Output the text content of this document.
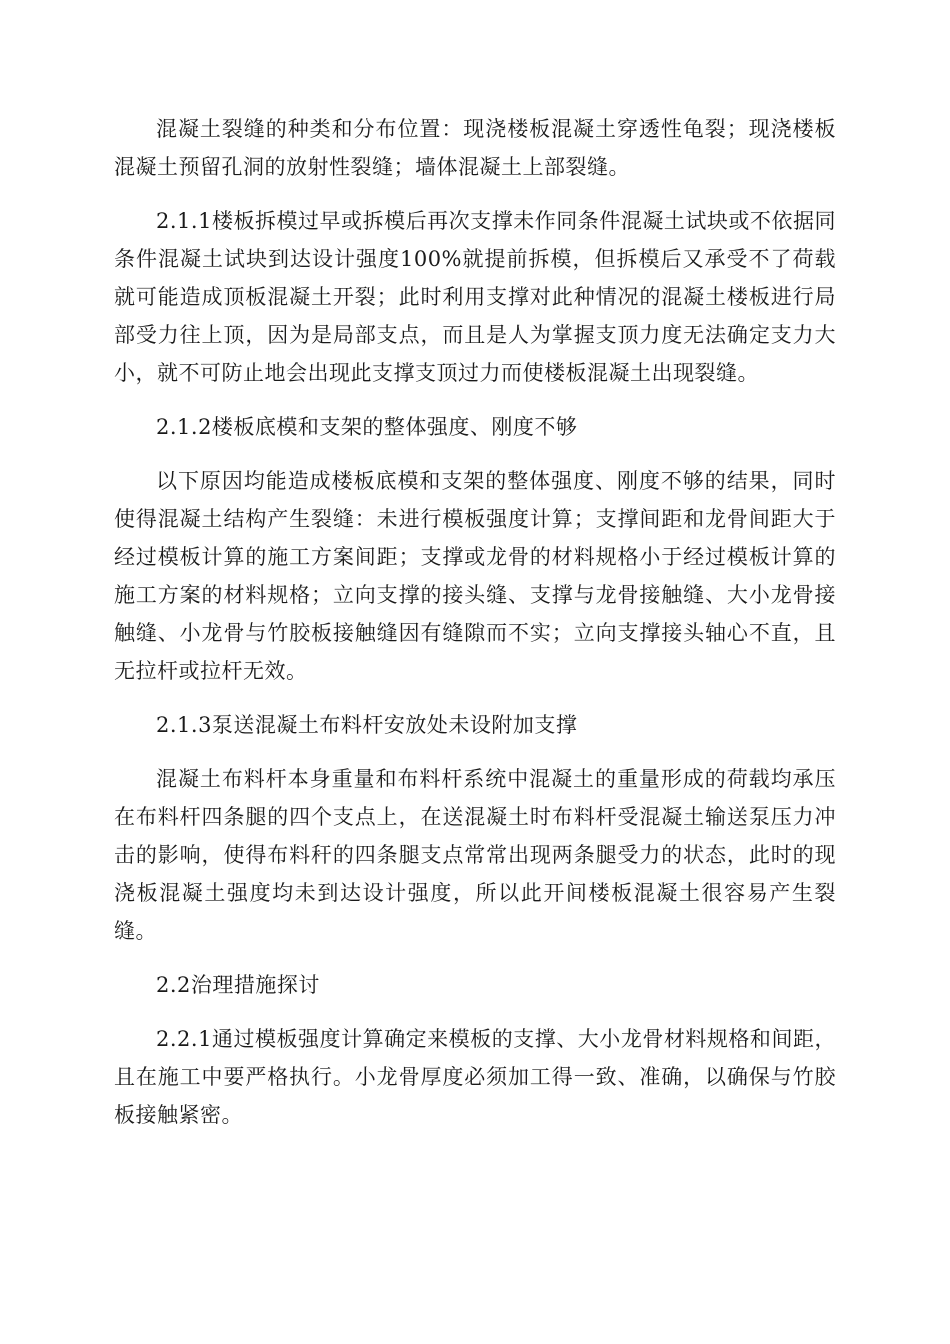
混凝土裂缝的种类和分布位置：现浇楼板混凝土穿透性龟裂；现浇楼板混凝土预留孔洞的放射性裂缝；墙体混凝土上部裂缝。

2.1.1楼板拆模过早或拆模后再次支撑未作同条件混凝土试块或不依据同条件混凝土试块到达设计强度100%就提前拆模，但拆模后又承受不了荷载就可能造成顶板混凝土开裂；此时利用支撑对此种情况的混凝土楼板进行局部受力往上顶，因为是局部支点，而且是人为掌握支顶力度无法确定支力大小，就不可防止地会出现此支撑支顶过力而使楼板混凝土出现裂缝。

2.1.2楼板底模和支架的整体强度、刚度不够

以下原因均能造成楼板底模和支架的整体强度、刚度不够的结果，同时使得混凝土结构产生裂缝：未进行模板强度计算；支撑间距和龙骨间距大于经过模板计算的施工方案间距；支撑或龙骨的材料规格小于经过模板计算的施工方案的材料规格；立向支撑的接头缝、支撑与龙骨接触缝、大小龙骨接触缝、小龙骨与竹胶板接触缝因有缝隙而不实；立向支撑接头轴心不直，且无拉杆或拉杆无效。

2.1.3泵送混凝土布料杆安放处未设附加支撑

混凝土布料杆本身重量和布料杆系统中混凝土的重量形成的荷载均承压在布料杆四条腿的四个支点上，在送混凝土时布料杆受混凝土输送泵压力冲击的影响，使得布料秆的四条腿支点常常出现两条腿受力的状态，此时的现浇板混凝土强度均未到达设计强度，所以此开间楼板混凝土很容易产生裂缝。

2.2治理措施探讨

2.2.1通过模板强度计算确定来模板的支撑、大小龙骨材料规格和间距，且在施工中要严格执行。小龙骨厚度必须加工得一致、准确，以确保与竹胶板接触紧密。
